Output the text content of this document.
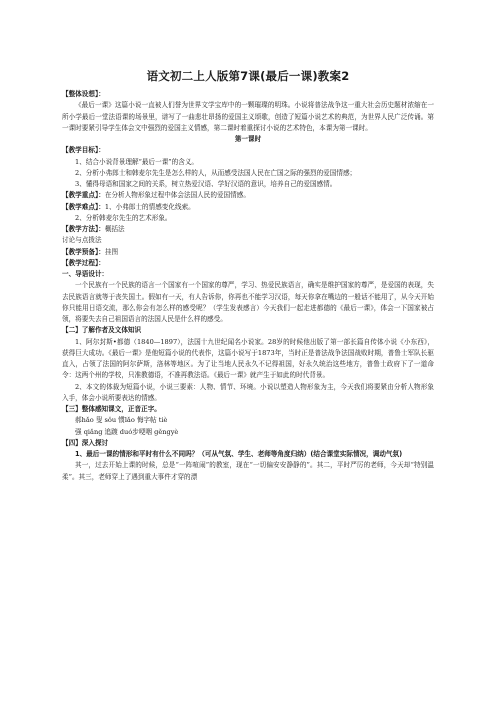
语文初二上人版第7课(最后一课)教案2

【整体设想】：

《最后一课》这篇小说一直被人们誉为世界文学宝库中的一颗璀璨的明珠。小说将普法战争这一重大社会历史题材浓缩在一所小学最后一堂法语课的场景里，谱写了一曲悲壮昂扬的爱国主义颂歌，创造了短篇小说艺术的典范，为世界人民广泛传诵。第一课时要紧引导学生体会文中强烈的爱国主义情感，第二课时着重探讨小说的艺术特色，本课为第一课时。

第一课时

【教学目标】：

1、结合小说背景理解“最后一课”的含义。

2、分析小弗郎士和韩麦尔先生是怎么样的人，从而感受法国人民在亡国之际的强烈的爱国情感；

3、懂得母语和国家之间的关系，树立热爱汉语、学好汉语的意识，培养自己的爱国感情。

【教学重点】：在分析人物形象过程中体会法国人民的爱国情感。

【教学难点】：1、小弗郎士的情感变化线索。

2、分析韩麦尔先生的艺术形象。

【教学方法】：概括法

讨论与点拨法

【教学预备】：挂图

【教学过程】：

一、导语设计：

一个民族有一个民族的语言一个国家有一个国家的尊严，学习、热爱民族语言，确实是维护国家的尊严，是爱国的表现，失去民族语言就等于丧失国土。假如有一天，有人告诉你，你再也不能学习汉语，每天你拿在嘴边的一般话不能用了，从今天开始你只能用日语交流，那么你会有怎么样的感受呢？（学生发表感言）今天我们一起走进都德的《最后一课》，体会一下国家被占领，将要失去自己祖国语言的法国人民是什么样的感受。

【二】了解作者及文体知识

1、阿尔封斯•都德（1840—1897），法国十九世纪闻名小说家。28岁的时候他出版了第一部长篇自传体小说《小东西》，获得巨大成功。《最后一课》是他短篇小说的代表作，这篇小说写于1873年，当时正是普法战争法国战败时期，普鲁士军队长驱直入，占领了法国的阿尔萨斯，洛林等地区。为了让当地人民永久不记得祖国，好永久统治这些地方，普鲁士政府下了一道命令：这两个州的学校，只准教德语，不准再教法语。《最后一课》就产生于如此的时代背景。

2、本文的体裁为短篇小说，小说三要素：人物、情节、环境。小说以塑造人物形象为主，今天我们将要紧由分析人物形象入手，体会小说所要表达的情感。

【三】整体感知课文，正音正字。

郝hǎo 叟 sǒu 惯lǎo 悔字帖 tiè

强 qiǎng 追踱 duó步哽咽 gěngyè

【四】深入探讨

1、最后一课的情形和平时有什么不同吗？（可从气氛、学生、老师等角度归纳）(结合课堂实际情况，调动气氛)

其一，过去开始上课的时候，总是“一阵喧闹”的教室，现在“一切偏安安静静的”。其二，平时严厉的老师，今天却“特别温柔”。其三，老师穿上了遇到重大事件才穿的漂
